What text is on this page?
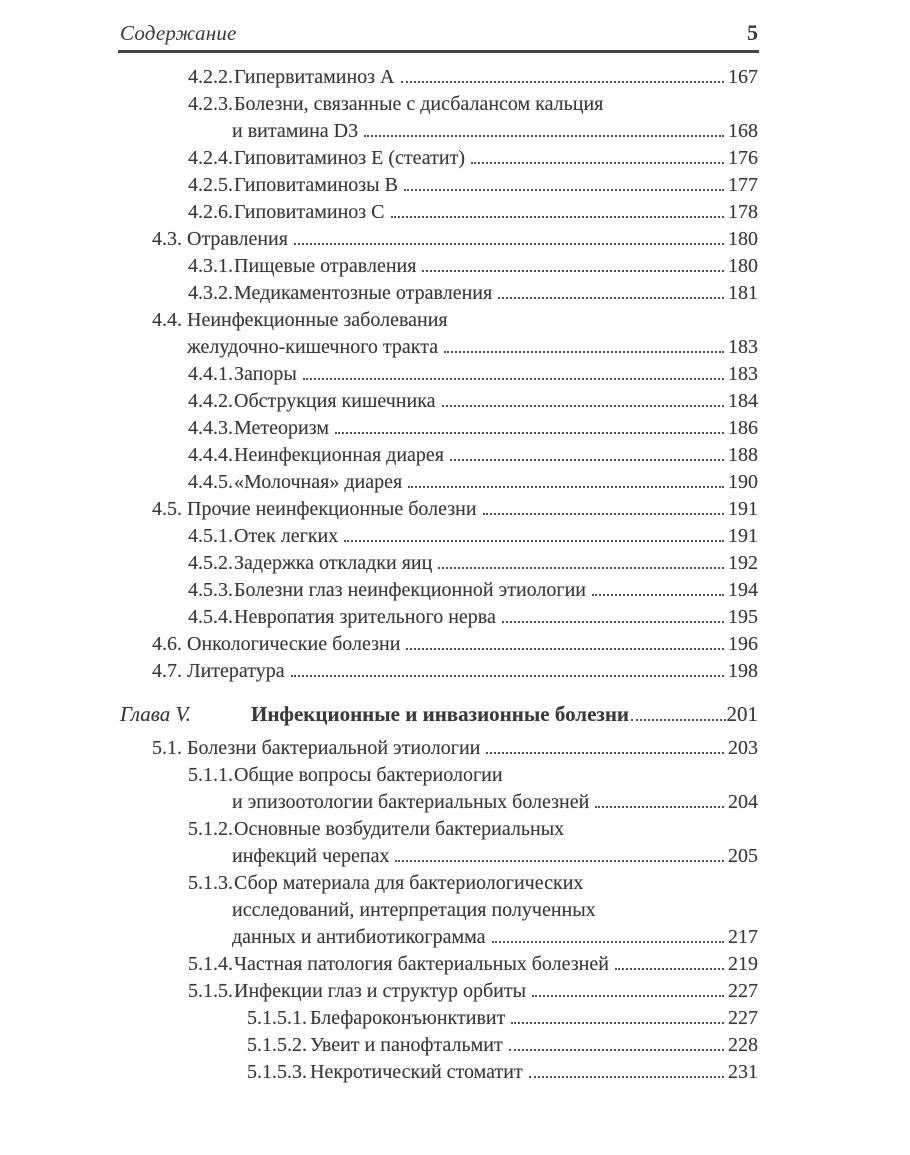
Содержание	5
4.2.2. Гипервитаминоз А	167
4.2.3. Болезни, связанные с дисбалансом кальция
и витамина D3	168
4.2.4. Гиповитаминоз Е (стеатит)	176
4.2.5. Гиповитаминозы В	177
4.2.6. Гиповитаминоз С	178
4.3. Отравления	180
4.3.1. Пищевые отравления	180
4.3.2. Медикаментозные отравления	181
4.4. Неинфекционные заболевания
желудочно-кишечного тракта	183
4.4.1. Запоры	183
4.4.2. Обструкция кишечника	184
4.4.3. Метеоризм	186
4.4.4. Неинфекционная диарея	188
4.4.5. «Молочная» диарея	190
4.5. Прочие неинфекционные болезни	191
4.5.1. Отек легких	191
4.5.2. Задержка откладки яиц	192
4.5.3. Болезни глаз неинфекционной этиологии	194
4.5.4. Невропатия зрительного нерва	195
4.6. Онкологические болезни	196
4.7. Литература	198
Глава V.	Инфекционные и инвазионные болезни	201
5.1. Болезни бактериальной этиологии	203
5.1.1. Общие вопросы бактериологии
и эпизоотологии бактериальных болезней	204
5.1.2. Основные возбудители бактериальных
инфекций черепах	205
5.1.3. Сбор материала для бактериологических
исследований, интерпретация полученных
данных и антибиотикограмма	217
5.1.4. Частная патология бактериальных болезней	219
5.1.5. Инфекции глаз и структур орбиты	227
5.1.5.1. Блефароконъюнктивит	227
5.1.5.2. Увеит и панофтальмит	228
5.1.5.3. Некротический стоматит	231
